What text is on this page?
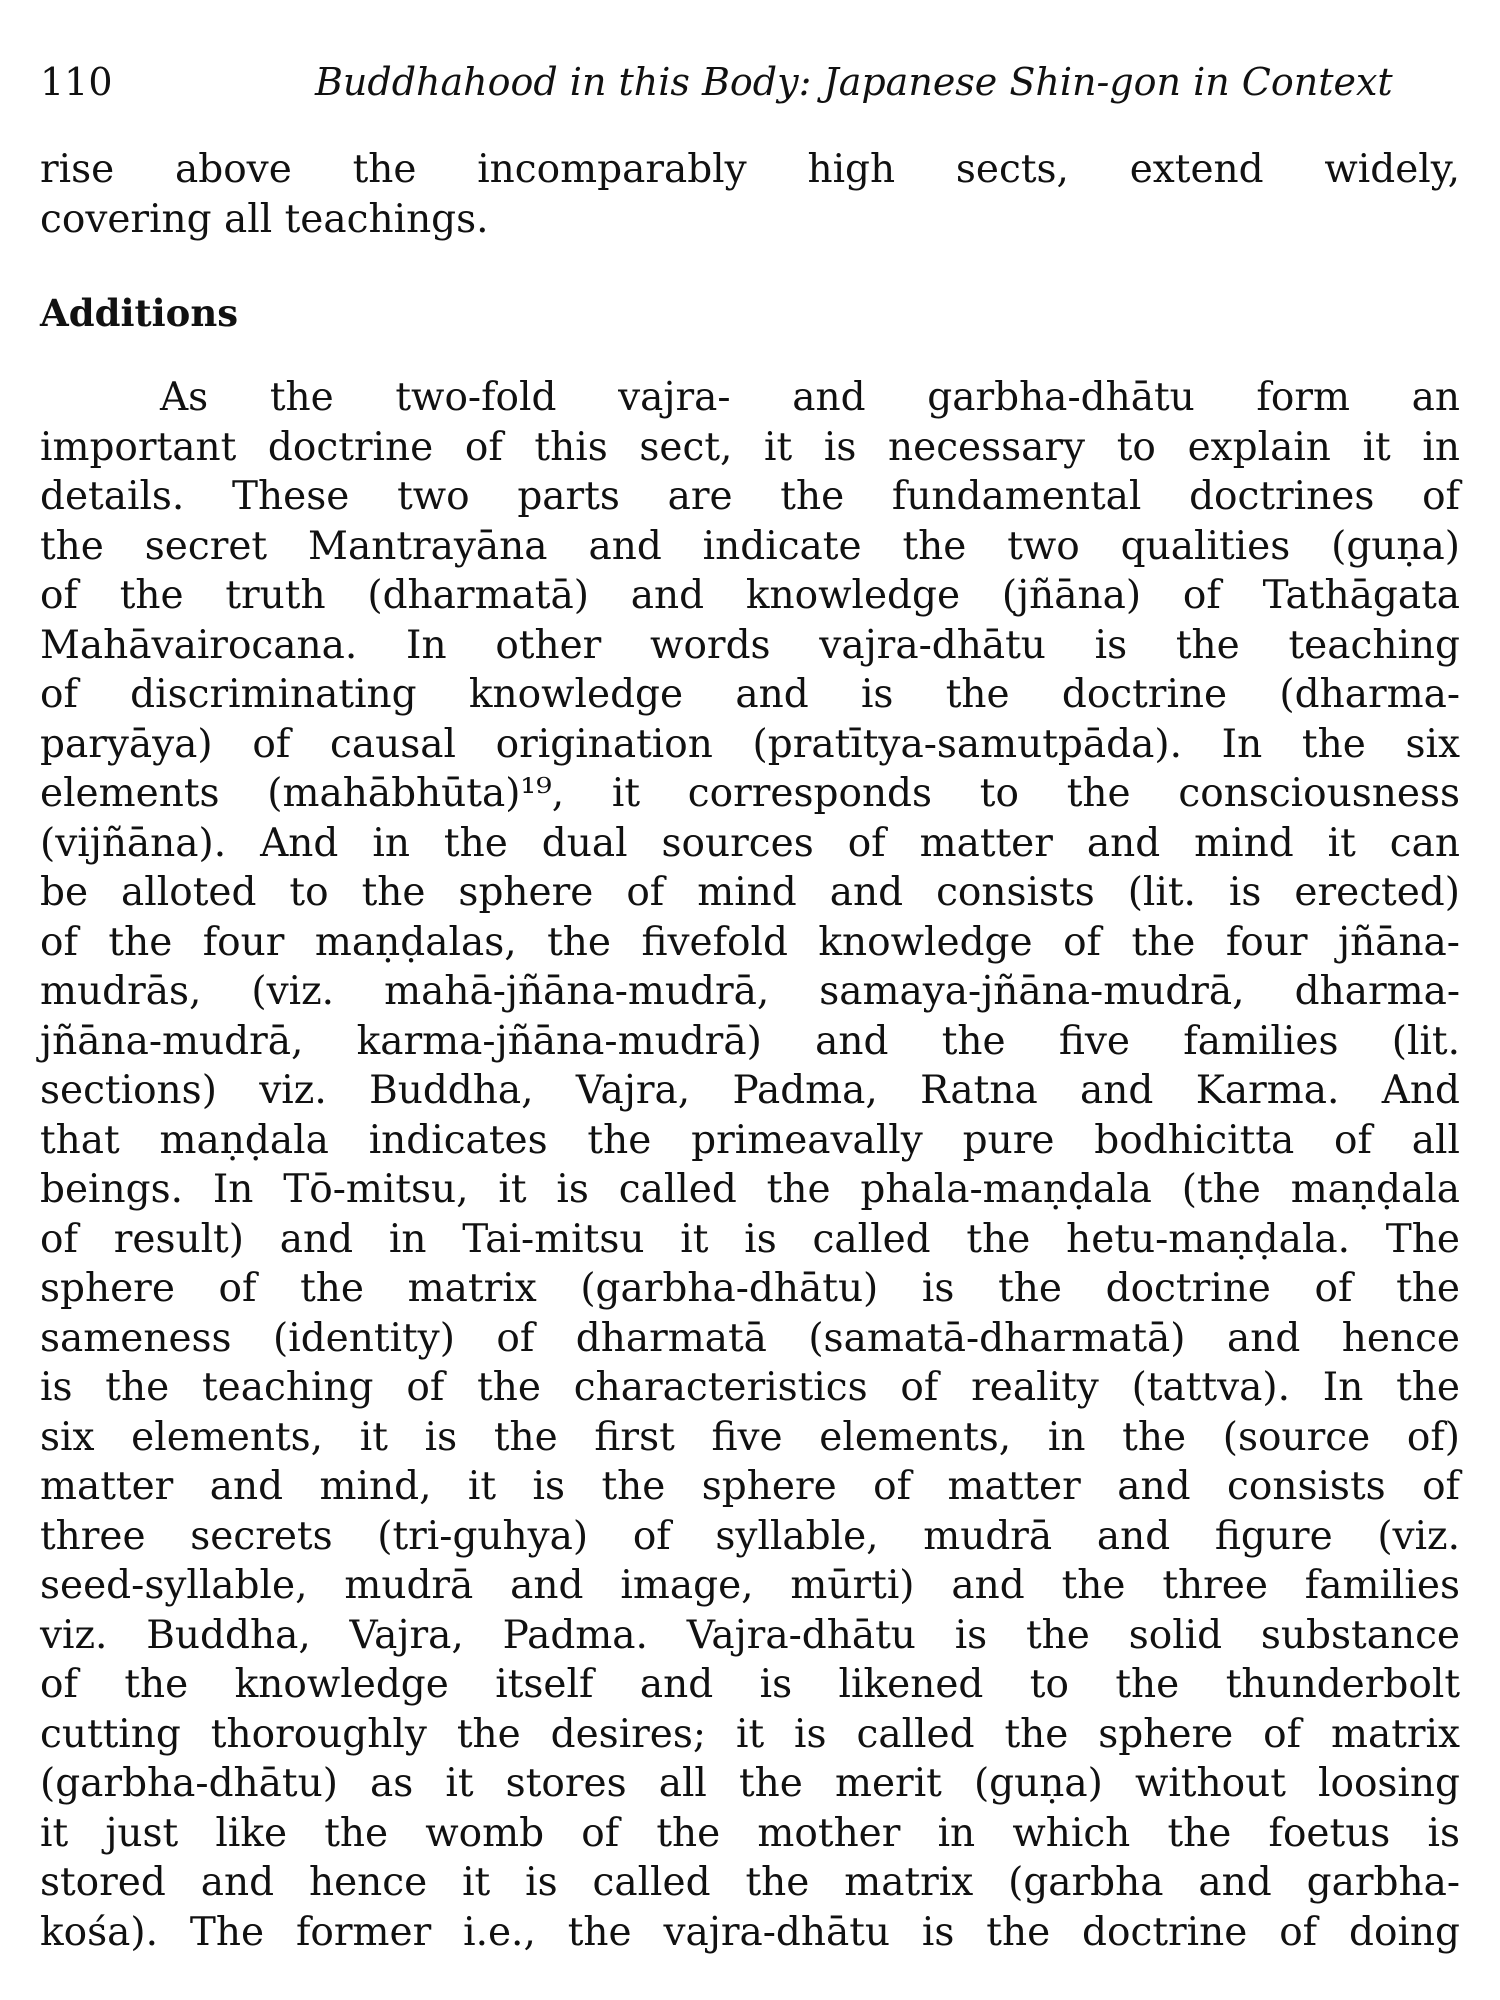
110	Buddhahood in this Body: Japanese Shin-gon in Context
rise above the incomparably high sects, extend widely,
covering all teachings.
Additions
As the two-fold vajra- and garbha-dhātu form an
important doctrine of this sect, it is necessary to explain it in
details. These two parts are the fundamental doctrines of
the secret Mantrayāna and indicate the two qualities (guṇa)
of the truth (dharmatā) and knowledge (jñāna) of Tathāgata
Mahāvairocana. In other words vajra-dhātu is the teaching
of discriminating knowledge and is the doctrine (dharma-
paryāya) of causal origination (pratītya-samutpāda). In the six
elements (mahābhūta)¹⁹, it corresponds to the consciousness
(vijñāna). And in the dual sources of matter and mind it can
be alloted to the sphere of mind and consists (lit. is erected)
of the four maṇḍalas, the fivefold knowledge of the four jñāna-
mudrās, (viz. mahā-jñāna-mudrā, samaya-jñāna-mudrā, dharma-
jñāna-mudrā, karma-jñāna-mudrā) and the five families (lit.
sections) viz. Buddha, Vajra, Padma, Ratna and Karma. And
that maṇḍala indicates the primeavally pure bodhicitta of all
beings. In Tō-mitsu, it is called the phala-maṇḍala (the maṇḍala
of result) and in Tai-mitsu it is called the hetu-maṇḍala. The
sphere of the matrix (garbha-dhātu) is the doctrine of the
sameness (identity) of dharmatā (samatā-dharmatā) and hence
is the teaching of the characteristics of reality (tattva). In the
six elements, it is the first five elements, in the (source of)
matter and mind, it is the sphere of matter and consists of
three secrets (tri-guhya) of syllable, mudrā and figure (viz.
seed-syllable, mudrā and image, mūrti) and the three families
viz. Buddha, Vajra, Padma. Vajra-dhātu is the solid substance
of the knowledge itself and is likened to the thunderbolt
cutting thoroughly the desires; it is called the sphere of matrix
(garbha-dhātu) as it stores all the merit (guṇa) without loosing
it just like the womb of the mother in which the foetus is
stored and hence it is called the matrix (garbha and garbha-
kośa). The former i.e., the vajra-dhātu is the doctrine of doing
